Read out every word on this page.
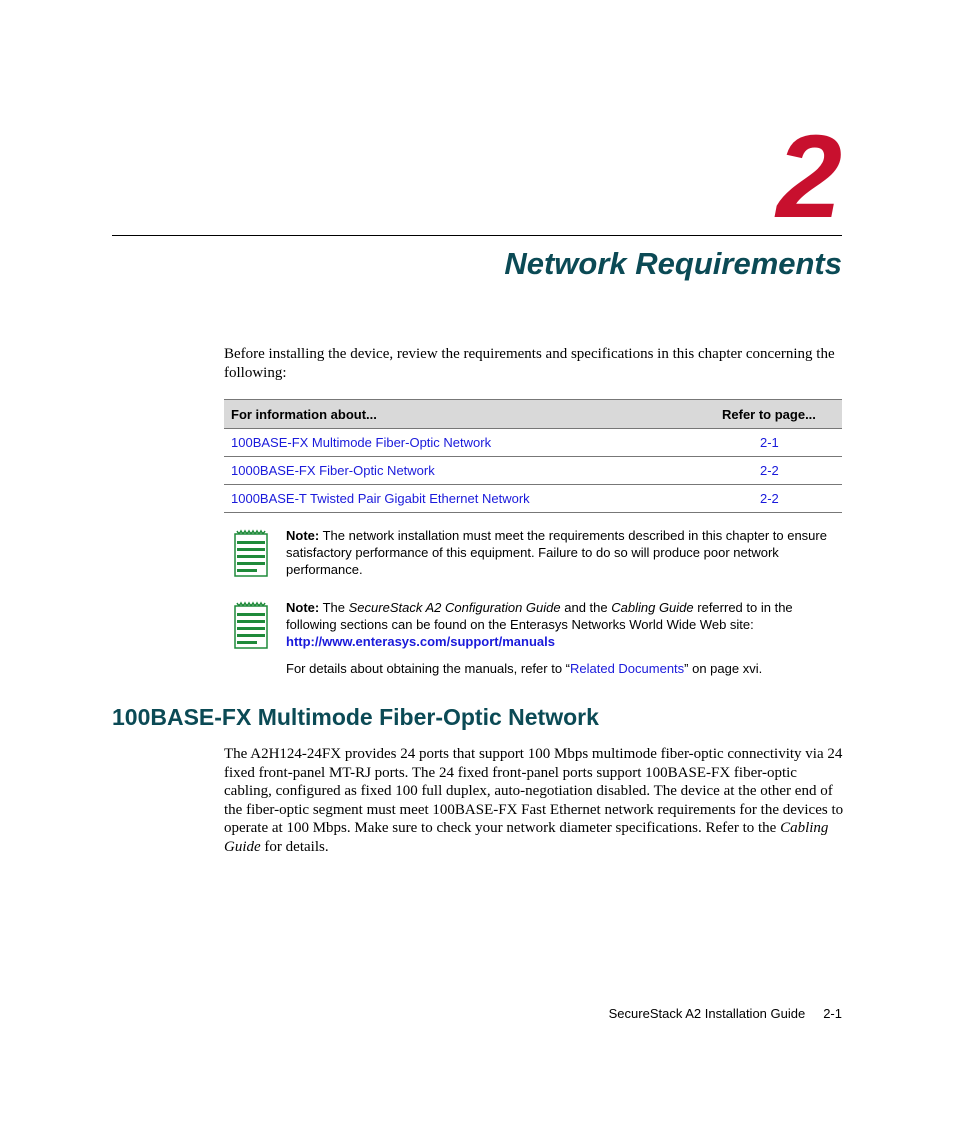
2
Network Requirements

Before installing the device, review the requirements and specifications in this chapter concerning the following:

For information about...	Refer to page...
100BASE-FX Multimode Fiber-Optic Network	2-1
1000BASE-FX Fiber-Optic Network	2-2
1000BASE-T Twisted Pair Gigabit Ethernet Network	2-2

Note: The network installation must meet the requirements described in this chapter to ensure satisfactory performance of this equipment. Failure to do so will produce poor network performance.

Note: The SecureStack A2 Configuration Guide and the Cabling Guide referred to in the following sections can be found on the Enterasys Networks World Wide Web site:
http://www.enterasys.com/support/manuals

For details about obtaining the manuals, refer to “Related Documents” on page xvi.

100BASE-FX Multimode Fiber-Optic Network

The A2H124-24FX provides 24 ports that support 100 Mbps multimode fiber-optic connectivity via 24 fixed front-panel MT-RJ ports. The 24 fixed front-panel ports support 100BASE-FX fiber-optic cabling, configured as fixed 100 full duplex, auto-negotiation disabled. The device at the other end of the fiber-optic segment must meet 100BASE-FX Fast Ethernet network requirements for the devices to operate at 100 Mbps. Make sure to check your network diameter specifications. Refer to the Cabling Guide for details.

SecureStack A2 Installation Guide 2-1
